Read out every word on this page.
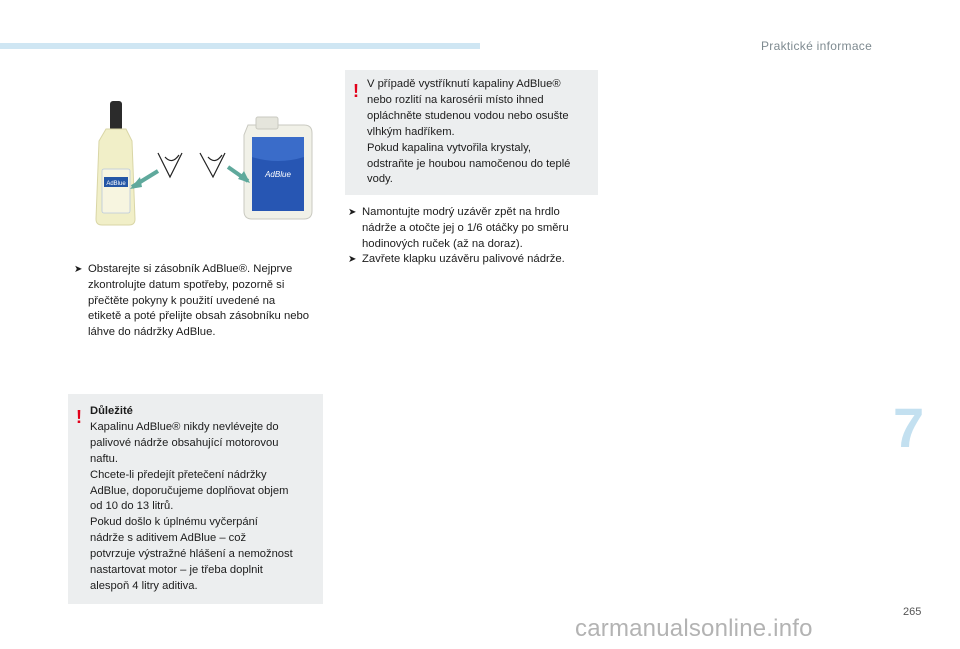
Praktické informace
7
265
AdBlue
AdBlue
➤ Obstarejte si zásobník AdBlue®. Nejprve
zkontrolujte datum spotřeby, pozorně si
přečtěte pokyny k použití uvedené na
etiketě a poté přelijte obsah zásobníku nebo
láhve do nádržky AdBlue.
! Důležité
Kapalinu AdBlue® nikdy nevlévejte do
palivové nádrže obsahující motorovou
naftu.
Chcete-li předejít přetečení nádržky
AdBlue, doporučujeme doplňovat objem
od 10 do 13 litrů.
Pokud došlo k úplnému vyčerpání
nádrže s aditivem AdBlue – což
potvrzuje výstražné hlášení a nemožnost
nastartovat motor – je třeba doplnit
alespoň 4 litry aditiva.
! V případě vystříknutí kapaliny AdBlue®
nebo rozlití na karosérii místo ihned
opláchněte studenou vodou nebo osušte
vlhkým hadříkem.
Pokud kapalina vytvořila krystaly,
odstraňte je houbou namočenou do teplé
vody.
➤ Namontujte modrý uzávěr zpět na hrdlo
nádrže a otočte jej o 1/6 otáčky po směru
hodinových ruček (až na doraz).
➤ Zavřete klapku uzávěru palivové nádrže.
carmanualsonline.info
